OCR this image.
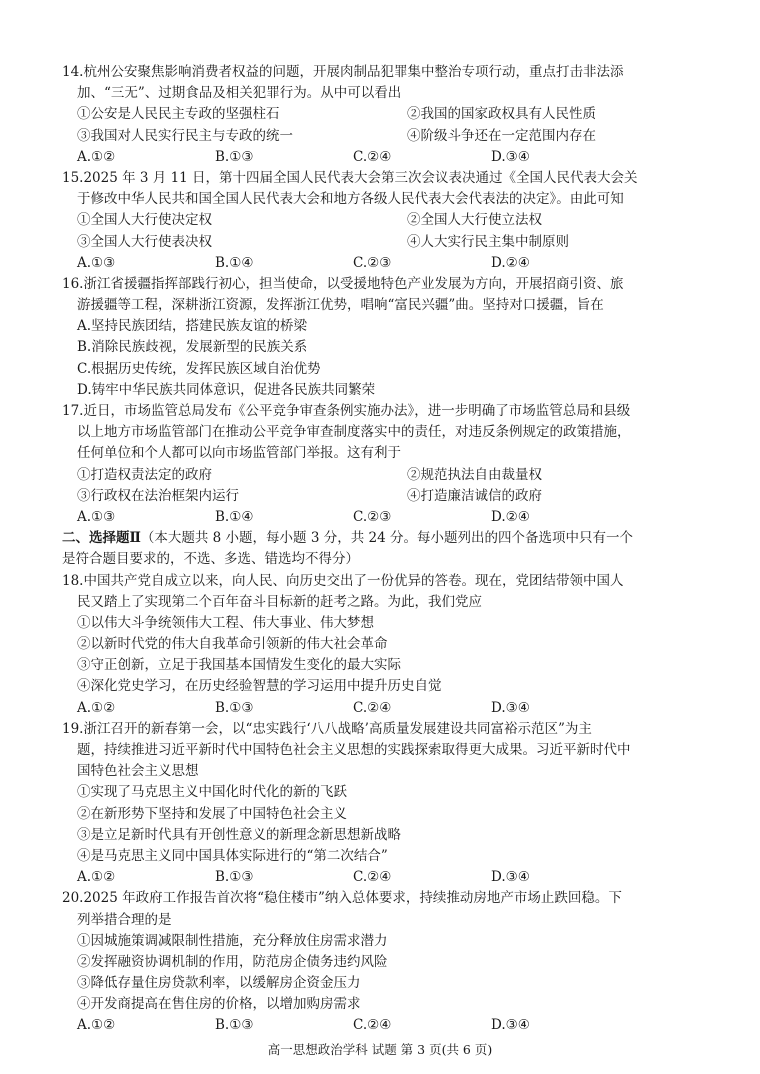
14.杭州公安聚焦影响消费者权益的问题，开展肉制品犯罪集中整治专项行动，重点打击非法添
加、“三无”、过期食品及相关犯罪行为。从中可以看出
①公安是人民民主专政的坚强柱石	②我国的国家政权具有人民性质
③我国对人民实行民主与专政的统一	④阶级斗争还在一定范围内存在
A.①②	B.①③	C.②④	D.③④
15.2025 年 3 月 11 日，第十四届全国人民代表大会第三次会议表决通过《全国人民代表大会关
于修改中华人民共和国全国人民代表大会和地方各级人民代表大会代表法的决定》。由此可知
①全国人大行使决定权	②全国人大行使立法权
③全国人大行使表决权	④人大实行民主集中制原则
A.①③	B.①④	C.②③	D.②④
16.浙江省援疆指挥部践行初心，担当使命，以受援地特色产业发展为方向，开展招商引资、旅
游援疆等工程，深耕浙江资源，发挥浙江优势，唱响“富民兴疆”曲。坚持对口援疆，旨在
A.坚持民族团结，搭建民族友谊的桥梁
B.消除民族歧视，发展新型的民族关系
C.根据历史传统，发挥民族区域自治优势
D.铸牢中华民族共同体意识，促进各民族共同繁荣
17.近日，市场监管总局发布《公平竞争审查条例实施办法》，进一步明确了市场监管总局和县级
以上地方市场监管部门在推动公平竞争审查制度落实中的责任，对违反条例规定的政策措施，
任何单位和个人都可以向市场监管部门举报。这有利于
①打造权责法定的政府	②规范执法自由裁量权
③行政权在法治框架内运行	④打造廉洁诚信的政府
A.①③	B.①④	C.②③	D.②④
二、选择题Ⅱ（本大题共 8 小题，每小题 3 分，共 24 分。每小题列出的四个备选项中只有一个
是符合题目要求的，不选、多选、错选均不得分）
18.中国共产党自成立以来，向人民、向历史交出了一份优异的答卷。现在，党团结带领中国人
民又踏上了实现第二个百年奋斗目标新的赶考之路。为此，我们党应
①以伟大斗争统领伟大工程、伟大事业、伟大梦想
②以新时代党的伟大自我革命引领新的伟大社会革命
③守正创新，立足于我国基本国情发生变化的最大实际
④深化党史学习，在历史经验智慧的学习运用中提升历史自觉
A.①②	B.①③	C.②④	D.③④
19.浙江召开的新春第一会，以“忠实践行‘八八战略’高质量发展建设共同富裕示范区”为主
题，持续推进习近平新时代中国特色社会主义思想的实践探索取得更大成果。习近平新时代中
国特色社会主义思想
①实现了马克思主义中国化时代化的新的飞跃
②在新形势下坚持和发展了中国特色社会主义
③是立足新时代具有开创性意义的新理念新思想新战略
④是马克思主义同中国具体实际进行的“第二次结合”
A.①②	B.①③	C.②④	D.③④
20.2025 年政府工作报告首次将“稳住楼市”纳入总体要求，持续推动房地产市场止跌回稳。下
列举措合理的是
①因城施策调减限制性措施，充分释放住房需求潜力
②发挥融资协调机制的作用，防范房企债务违约风险
③降低存量住房贷款利率，以缓解房企资金压力
④开发商提高在售住房的价格，以增加购房需求
A.①②	B.①③	C.②④	D.③④
高一思想政治学科 试题 第 3 页(共 6 页)
